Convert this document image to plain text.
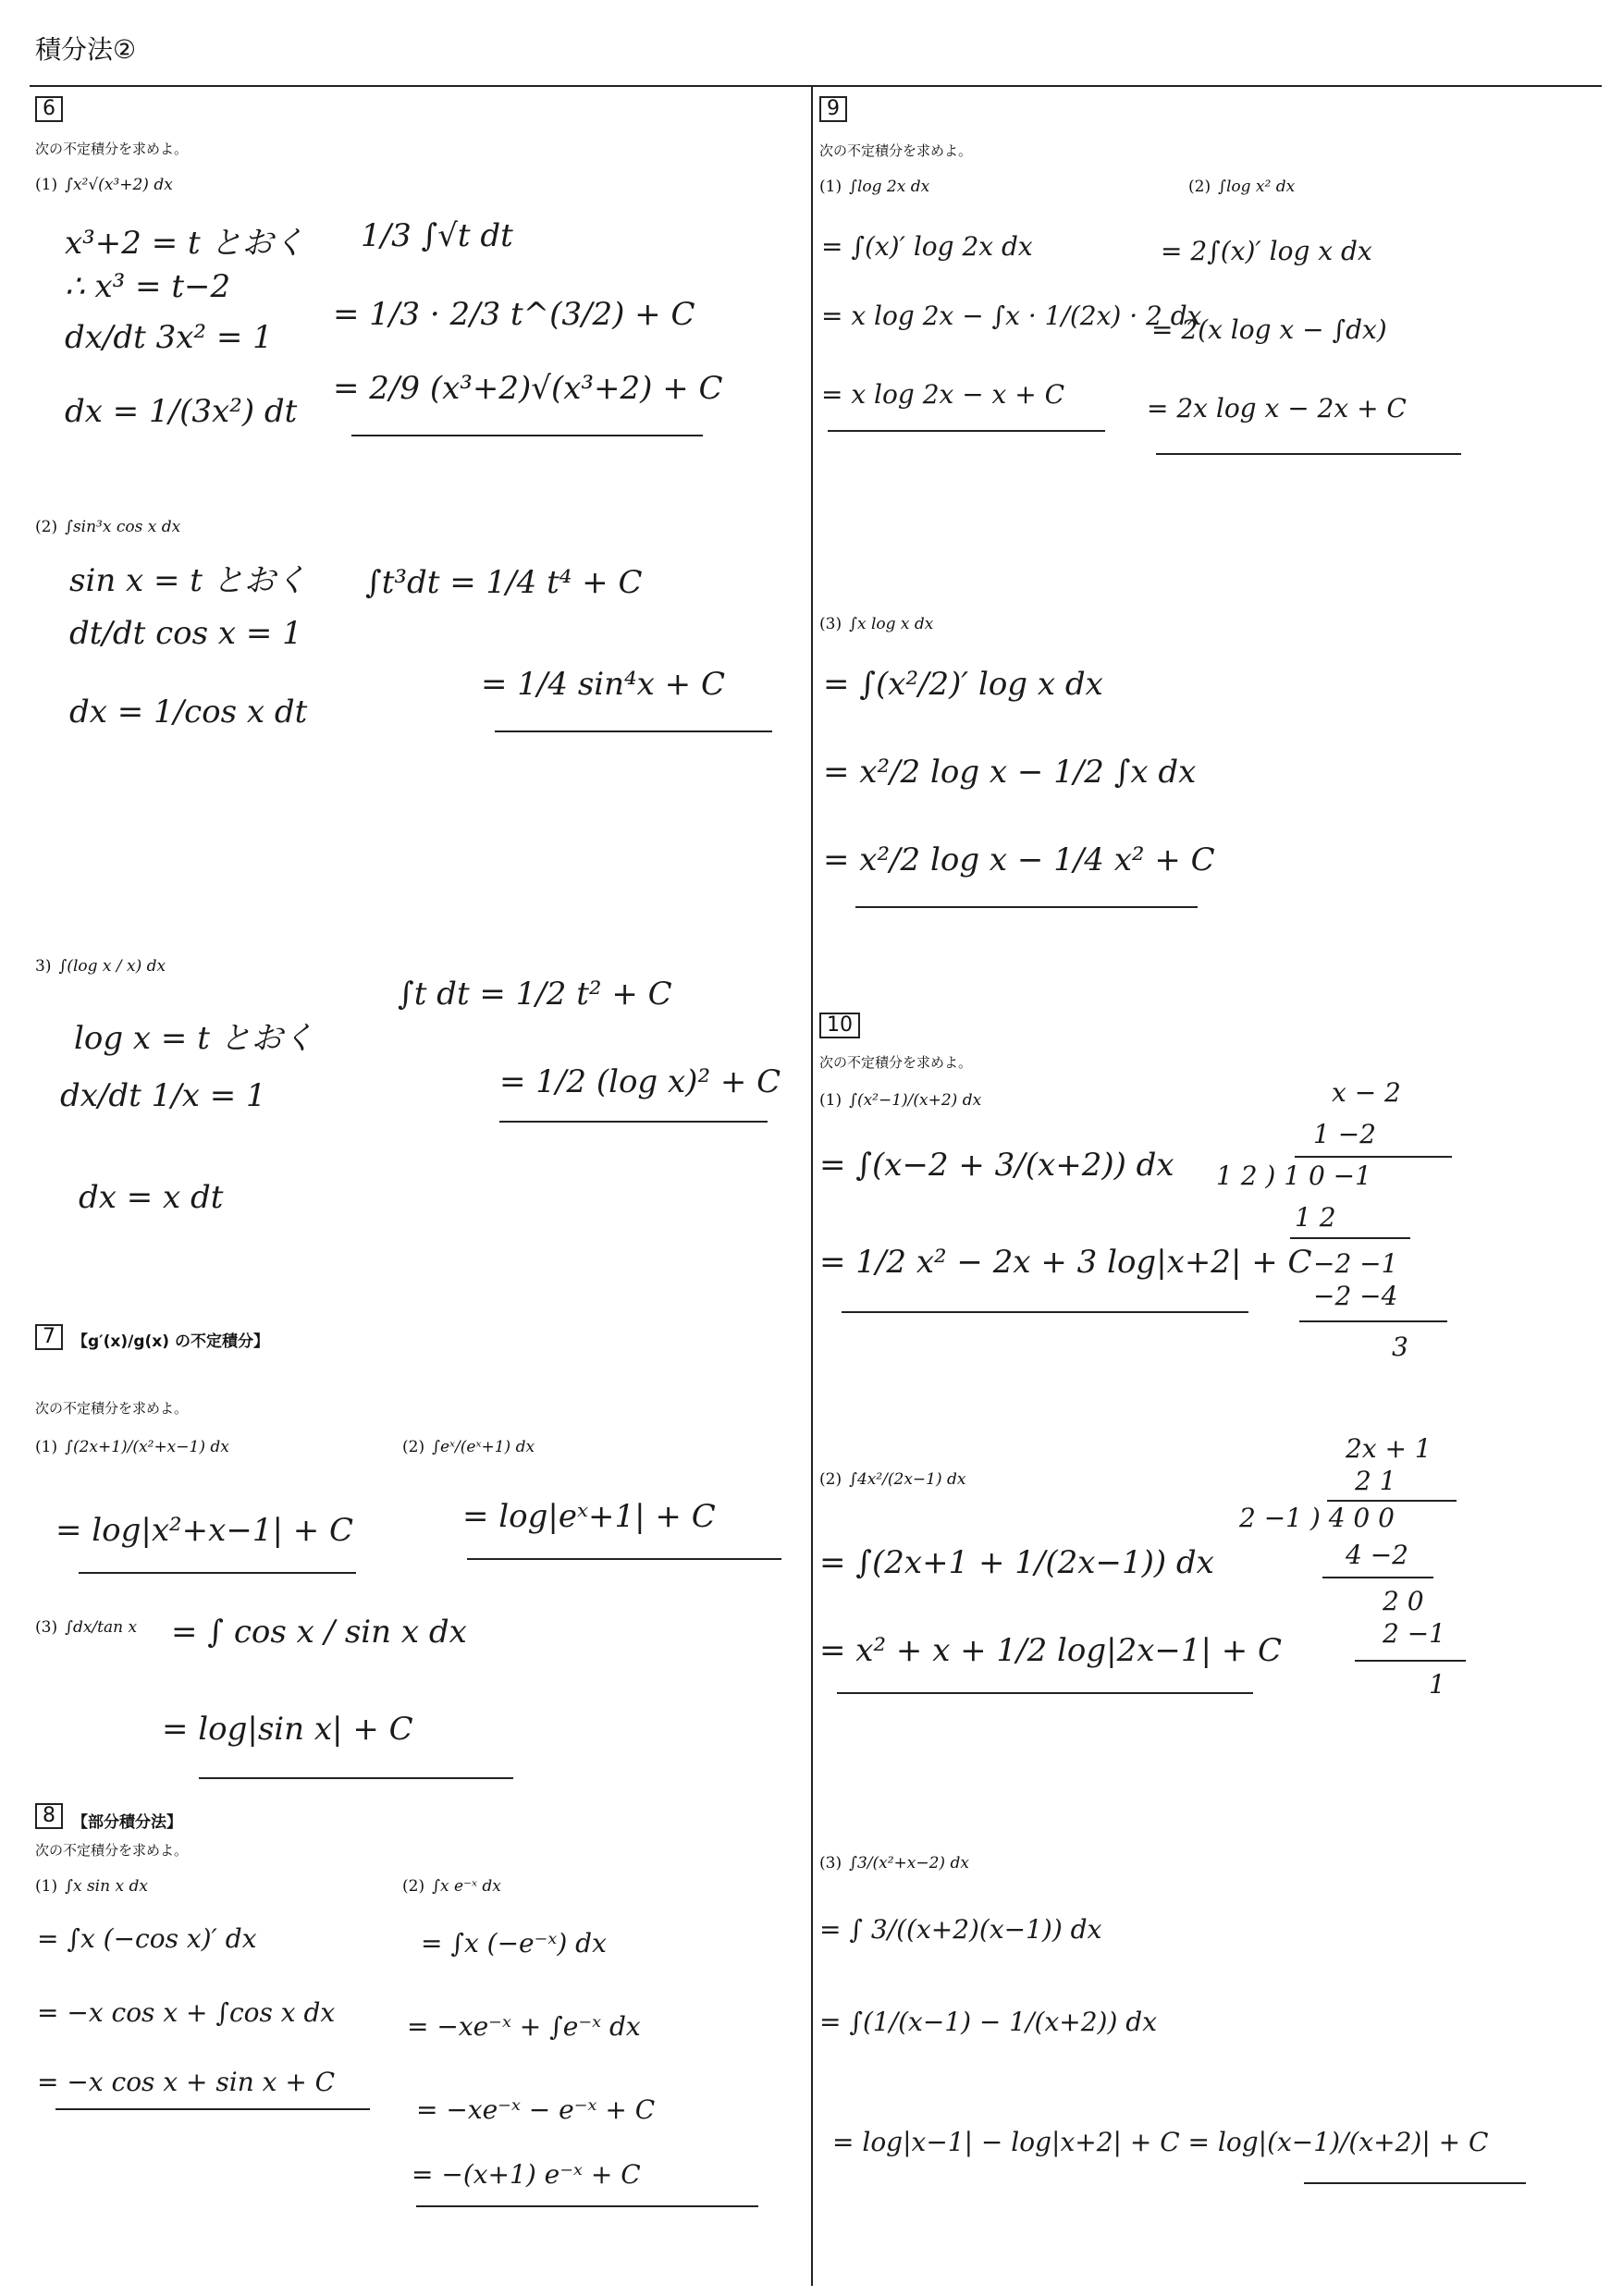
積分法②
6
次の不定積分を求めよ。
(1) ∫x²√(x³+2) dx
x³+2 = t とおく
∴ x³ = t−2
dx/dt 3x² = 1
dx = 1/(3x²) dt
1/3 ∫√t dt
= 1/3 · 2/3 t^(3/2) + C
= 2/9 (x³+2)√(x³+2) + C
(2) ∫sin³x cos x dx
sin x = t とおく
dt/dt cos x = 1
dx = 1/cos x dt
∫t³dt = 1/4 t⁴ + C
= 1/4 sin⁴x + C
3) ∫(log x / x) dx
log x = t とおく
dx/dt 1/x = 1
dx = x dt
∫t dt = 1/2 t² + C
= 1/2 (log x)² + C
7	【g′(x)/g(x) の不定積分】
次の不定積分を求めよ。
(1) ∫(2x+1)/(x²+x−1) dx
= log|x²+x−1| + C
(2) ∫eˣ/(eˣ+1) dx
= log|eˣ+1| + C
(3) ∫dx/tan x = ∫ cos x / sin x dx
= log|sin x| + C
8	【部分積分法】
次の不定積分を求めよ。
(1) ∫x sin x dx
= ∫x (−cos x)′ dx
= −x cos x + ∫cos x dx
= −x cos x + sin x + C
(2) ∫x e⁻ˣ dx
= ∫x (−e⁻ˣ) dx
= −xe⁻ˣ + ∫e⁻ˣ dx
= −xe⁻ˣ − e⁻ˣ + C
= −(x+1) e⁻ˣ + C
9
次の不定積分を求めよ。
(1) ∫log 2x dx
= ∫(x)′ log 2x dx
= x log 2x − ∫x · 1/(2x) · 2 dx
= x log 2x − x + C
(2) ∫log x² dx
= 2∫(x)′ log x dx
= 2(x log x − ∫dx)
= 2x log x − 2x + C
(3) ∫x log x dx
= ∫(x²/2)′ log x dx
= x²/2 log x − 1/2 ∫x dx
= x²/2 log x − 1/4 x² + C
10
次の不定積分を求めよ。
(1) ∫(x²−1)/(x+2) dx
= ∫(x−2 + 3/(x+2)) dx
= 1/2 x² − 2x + 3 log|x+2| + C
x − 2
1 −2
1 2 ) 1 0 −1
1 2
−2 −1
−2 −4
3
(2) ∫4x²/(2x−1) dx
= ∫(2x+1 + 1/(2x−1)) dx
= x² + x + 1/2 log|2x−1| + C
2x + 1
2 1
2 −1 ) 4 0 0
4 −2
2 0
2 −1
1
(3) ∫3/(x²+x−2) dx
= ∫ 3/((x+2)(x−1)) dx
= ∫(1/(x−1) − 1/(x+2)) dx
= log|x−1| − log|x+2| + C = log|(x−1)/(x+2)| + C
